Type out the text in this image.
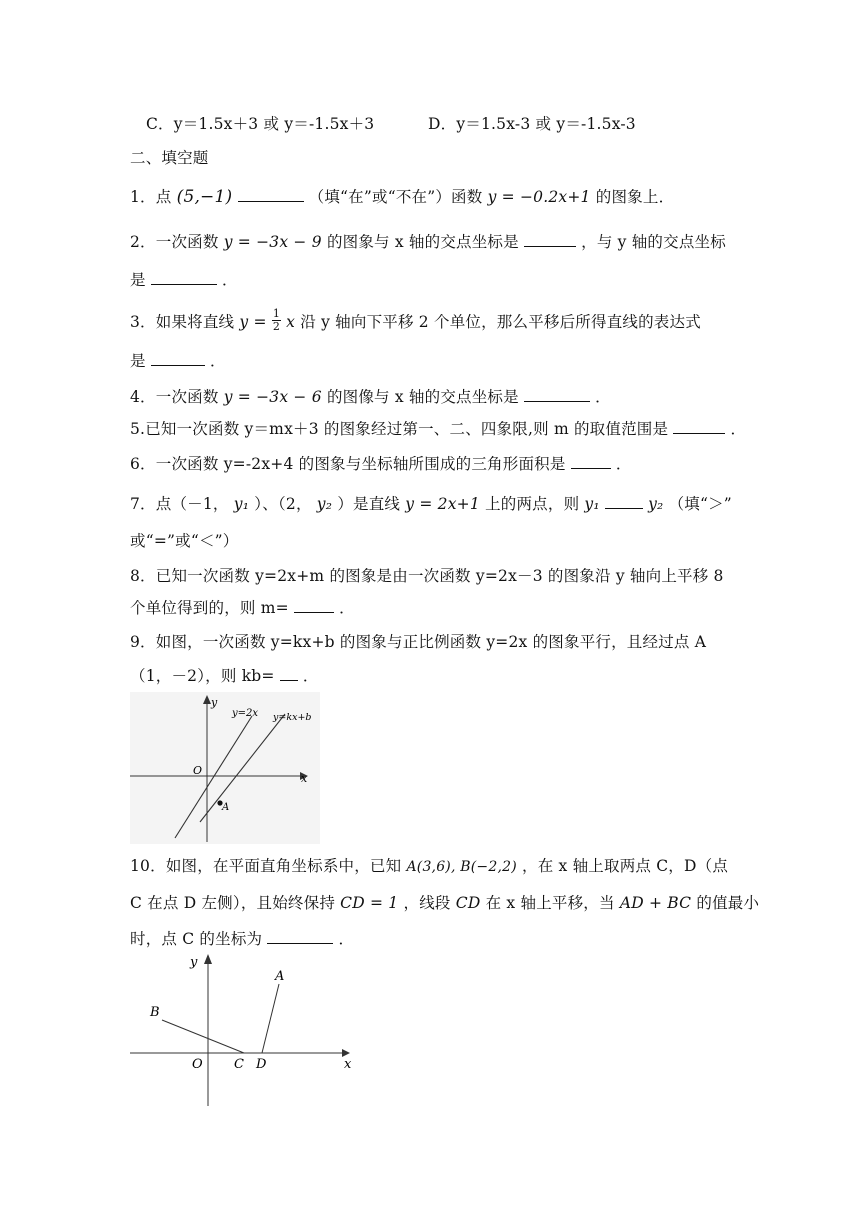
C．y＝1.5x＋3 或 y＝-1.5x＋3	D．y＝1.5x-3 或 y＝-1.5x-3
二、填空题
1．点 (5,−1)	（填“在”或“不在”）函数 y = −0.2x+1 的图象上．
2．一次函数 y = −3x − 9 的图象与 x 轴的交点坐标是	，与 y 轴的交点坐标
是	．
3．如果将直线 $y = \frac{1}{2}$ x 沿 y 轴向下平移 2 个单位，那么平移后所得直线的表达式
是	．
4．一次函数 y = −3x − 6 的图像与 x 轴的交点坐标是	．
5.已知一次函数 y＝mx＋3 的图象经过第一、二、四象限,则 m 的取值范围是	．
6．一次函数 y=-2x+4 的图象与坐标轴所围成的三角形面积是	．
7．点（－1， y₁ ）、（2， y₂ ）是直线 y = 2x+1 上的两点，则 y₁	y₂ （填“＞”
或“=”或“＜”）
8．已知一次函数 y=2x+m 的图象是由一次函数 y=2x－3 的图象沿 y 轴向上平移 8
个单位得到的，则 m=	．
9．如图，一次函数 y=kx+b 的图象与正比例函数 y=2x 的图象平行，且经过点 A
（1，－2），则 kb= ．
x
y
O
A
y=2x y=kx+b
10．如图，在平面直角坐标系中，已知 A(3,6), B(−2,2) ，在 x 轴上取两点 C，D（点
C 在点 D 左侧），且始终保持 CD = 1 ，线段 CD 在 x 轴上平移，当 AD + BC 的值最小
时，点 C 的坐标为	．
x
y
O C D
B
A
